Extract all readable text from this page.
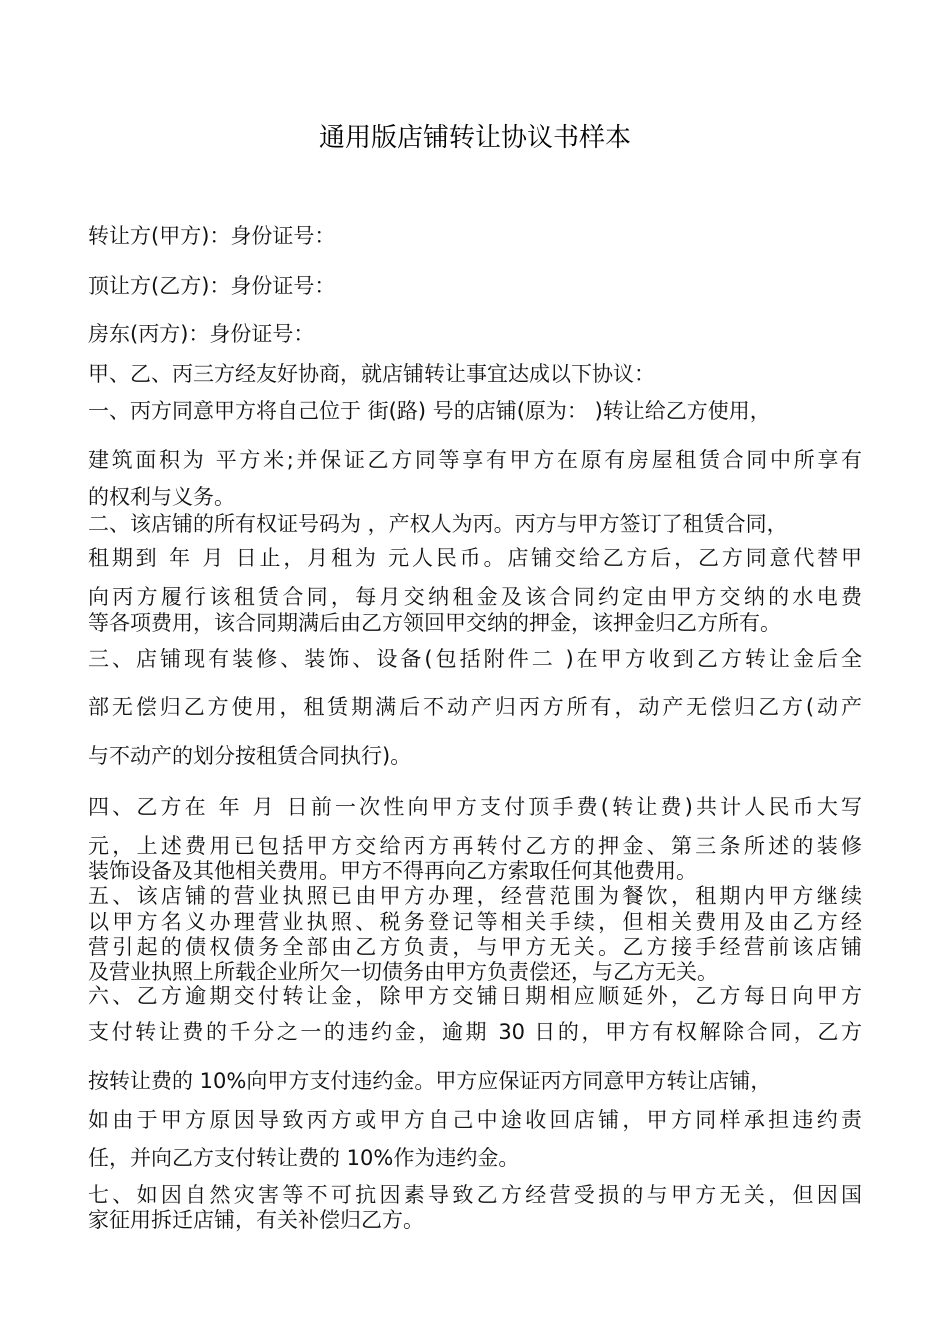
通用版店铺转让协议书样本
转让方(甲方)：身份证号：
顶让方(乙方)：身份证号：
房东(丙方)：身份证号：
甲、乙、丙三方经友好协商，就店铺转让事宜达成以下协议：
一、丙方同意甲方将自己位于 街(路) 号的店铺(原为： )转让给乙方使用，
建筑面积为 平方米;并保证乙方同等享有甲方在原有房屋租赁合同中所享有
的权利与义务。
二、该店铺的所有权证号码为 ，产权人为丙。丙方与甲方签订了租赁合同，
租期到 年 月 日止，月租为 元人民币。店铺交给乙方后，乙方同意代替甲
向丙方履行该租赁合同，每月交纳租金及该合同约定由甲方交纳的水电费
等各项费用，该合同期满后由乙方领回甲交纳的押金，该押金归乙方所有。
三、店铺现有装修、装饰、设备(包括附件二 )在甲方收到乙方转让金后全
部无偿归乙方使用，租赁期满后不动产归丙方所有，动产无偿归乙方(动产
与不动产的划分按租赁合同执行)。
四、乙方在 年 月 日前一次性向甲方支付顶手费(转让费)共计人民币大写
元，上述费用已包括甲方交给丙方再转付乙方的押金、第三条所述的装修
装饰设备及其他相关费用。甲方不得再向乙方索取任何其他费用。
五、该店铺的营业执照已由甲方办理，经营范围为餐饮，租期内甲方继续
以甲方名义办理营业执照、税务登记等相关手续，但相关费用及由乙方经
营引起的债权债务全部由乙方负责，与甲方无关。乙方接手经营前该店铺
及营业执照上所载企业所欠一切债务由甲方负责偿还，与乙方无关。
六、乙方逾期交付转让金，除甲方交铺日期相应顺延外，乙方每日向甲方
支付转让费的千分之一的违约金，逾期 30 日的，甲方有权解除合同，乙方
按转让费的 10%向甲方支付违约金。甲方应保证丙方同意甲方转让店铺，
如由于甲方原因导致丙方或甲方自己中途收回店铺，甲方同样承担违约责
任，并向乙方支付转让费的 10%作为违约金。
七、如因自然灾害等不可抗因素导致乙方经营受损的与甲方无关，但因国
家征用拆迁店铺，有关补偿归乙方。
